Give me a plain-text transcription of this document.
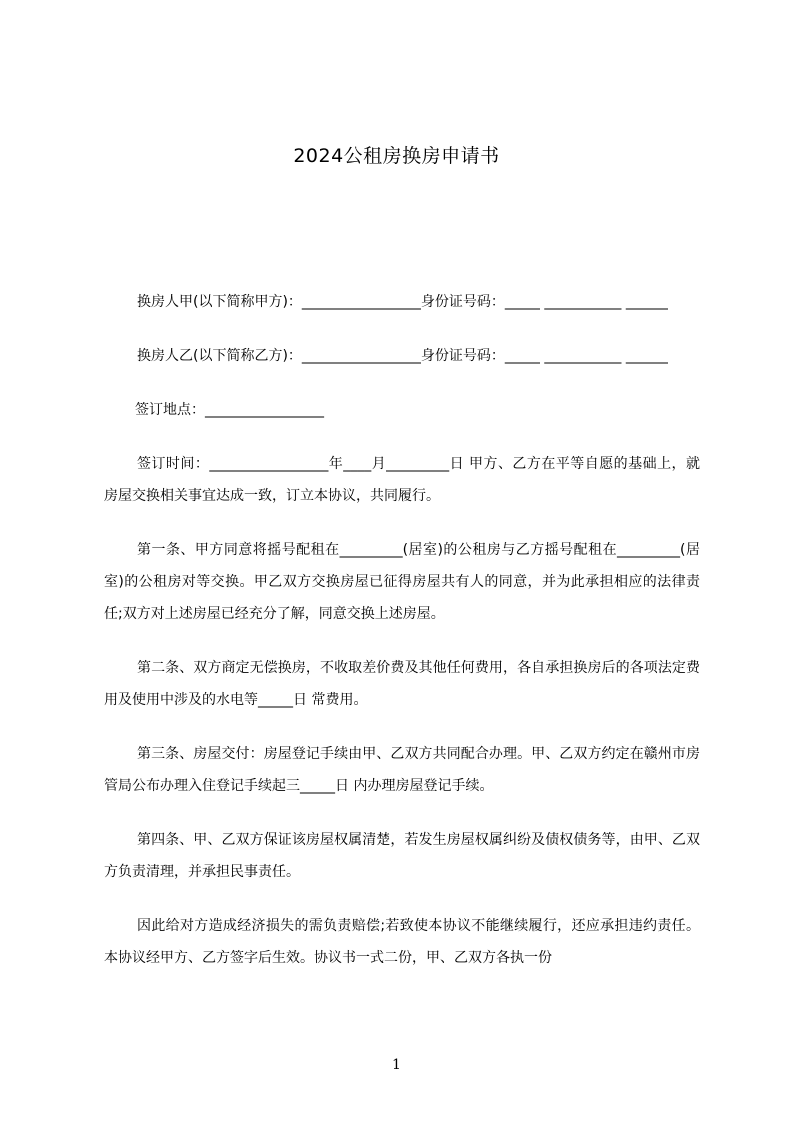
2024公租房换房申请书

换房人甲(以下简称甲方)：_________________身份证号码：_____ ___________ ______

换房人乙(以下简称乙方)：_________________身份证号码：_____ ___________ ______

签订地点：_________________

签订时间：_________________年____月_________日 甲方、乙方在平等自愿的基础上，就房屋交换相关事宜达成一致，订立本协议，共同履行。

第一条、甲方同意将摇号配租在_________(居室)的公租房与乙方摇号配租在_________(居室)的公租房对等交换。甲乙双方交换房屋已征得房屋共有人的同意，并为此承担相应的法律责任;双方对上述房屋已经充分了解，同意交换上述房屋。

第二条、双方商定无偿换房，不收取差价费及其他任何费用，各自承担换房后的各项法定费用及使用中涉及的水电等_____日 常费用。

第三条、房屋交付：房屋登记手续由甲、乙双方共同配合办理。甲、乙双方约定在赣州市房管局公布办理入住登记手续起三_____日 内办理房屋登记手续。

第四条、甲、乙双方保证该房屋权属清楚，若发生房屋权属纠纷及债权债务等，由甲、乙双方负责清理，并承担民事责任。

因此给对方造成经济损失的需负责赔偿;若致使本协议不能继续履行，还应承担违约责任。本协议经甲方、乙方签字后生效。协议书一式二份，甲、乙双方各执一份

1
